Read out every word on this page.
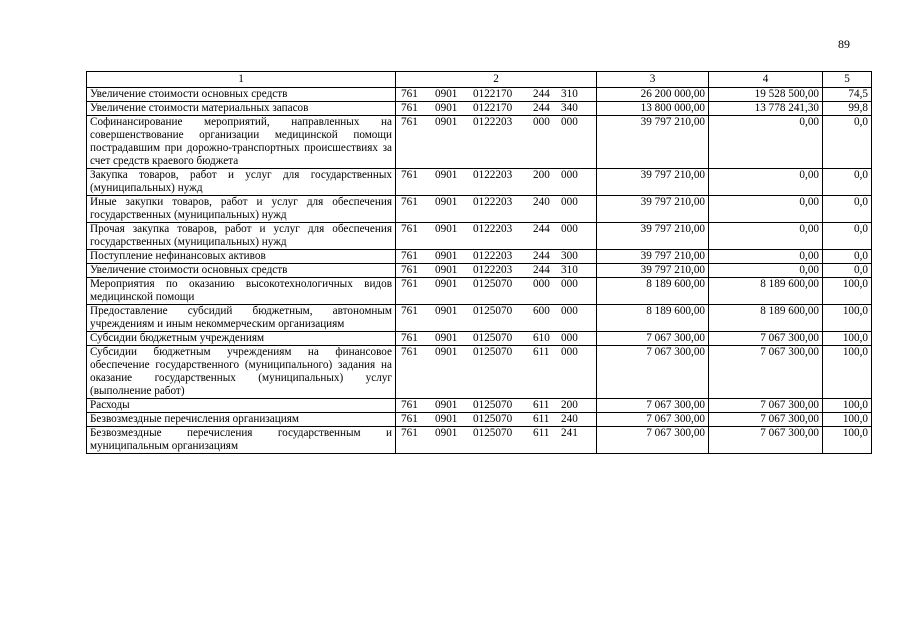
89
1	2	3	4	5
Увеличение стоимости основных средств	761 0901 0122170 244 310	26 200 000,00	19 528 500,00	74,5
Увеличение стоимости материальных запасов	761 0901 0122170 244 340	13 800 000,00	13 778 241,30	99,8
Софинансирование мероприятий, направленных на совершенствование организации медицинской помощи пострадавшим при дорожно-транспортных происшествиях за счет средств краевого бюджета	761 0901 0122203 000 000	39 797 210,00	0,00	0,0
Закупка товаров, работ и услуг для государственных (муниципальных) нужд	761 0901 0122203 200 000	39 797 210,00	0,00	0,0
Иные закупки товаров, работ и услуг для обеспечения государственных (муниципальных) нужд	761 0901 0122203 240 000	39 797 210,00	0,00	0,0
Прочая закупка товаров, работ и услуг для обеспечения государственных (муниципальных) нужд	761 0901 0122203 244 000	39 797 210,00	0,00	0,0
Поступление нефинансовых активов	761 0901 0122203 244 300	39 797 210,00	0,00	0,0
Увеличение стоимости основных средств	761 0901 0122203 244 310	39 797 210,00	0,00	0,0
Мероприятия по оказанию высокотехнологичных видов медицинской помощи	761 0901 0125070 000 000	8 189 600,00	8 189 600,00	100,0
Предоставление субсидий бюджетным, автономным учреждениям и иным некоммерческим организациям	761 0901 0125070 600 000	8 189 600,00	8 189 600,00	100,0
Субсидии бюджетным учреждениям	761 0901 0125070 610 000	7 067 300,00	7 067 300,00	100,0
Субсидии бюджетным учреждениям на финансовое обеспечение государственного (муниципального) задания на оказание государственных (муниципальных) услуг (выполнение работ)	761 0901 0125070 611 000	7 067 300,00	7 067 300,00	100,0
Расходы	761 0901 0125070 611 200	7 067 300,00	7 067 300,00	100,0
Безвозмездные перечисления организациям	761 0901 0125070 611 240	7 067 300,00	7 067 300,00	100,0
Безвозмездные перечисления государственным и муниципальным организациям	761 0901 0125070 611 241	7 067 300,00	7 067 300,00	100,0
